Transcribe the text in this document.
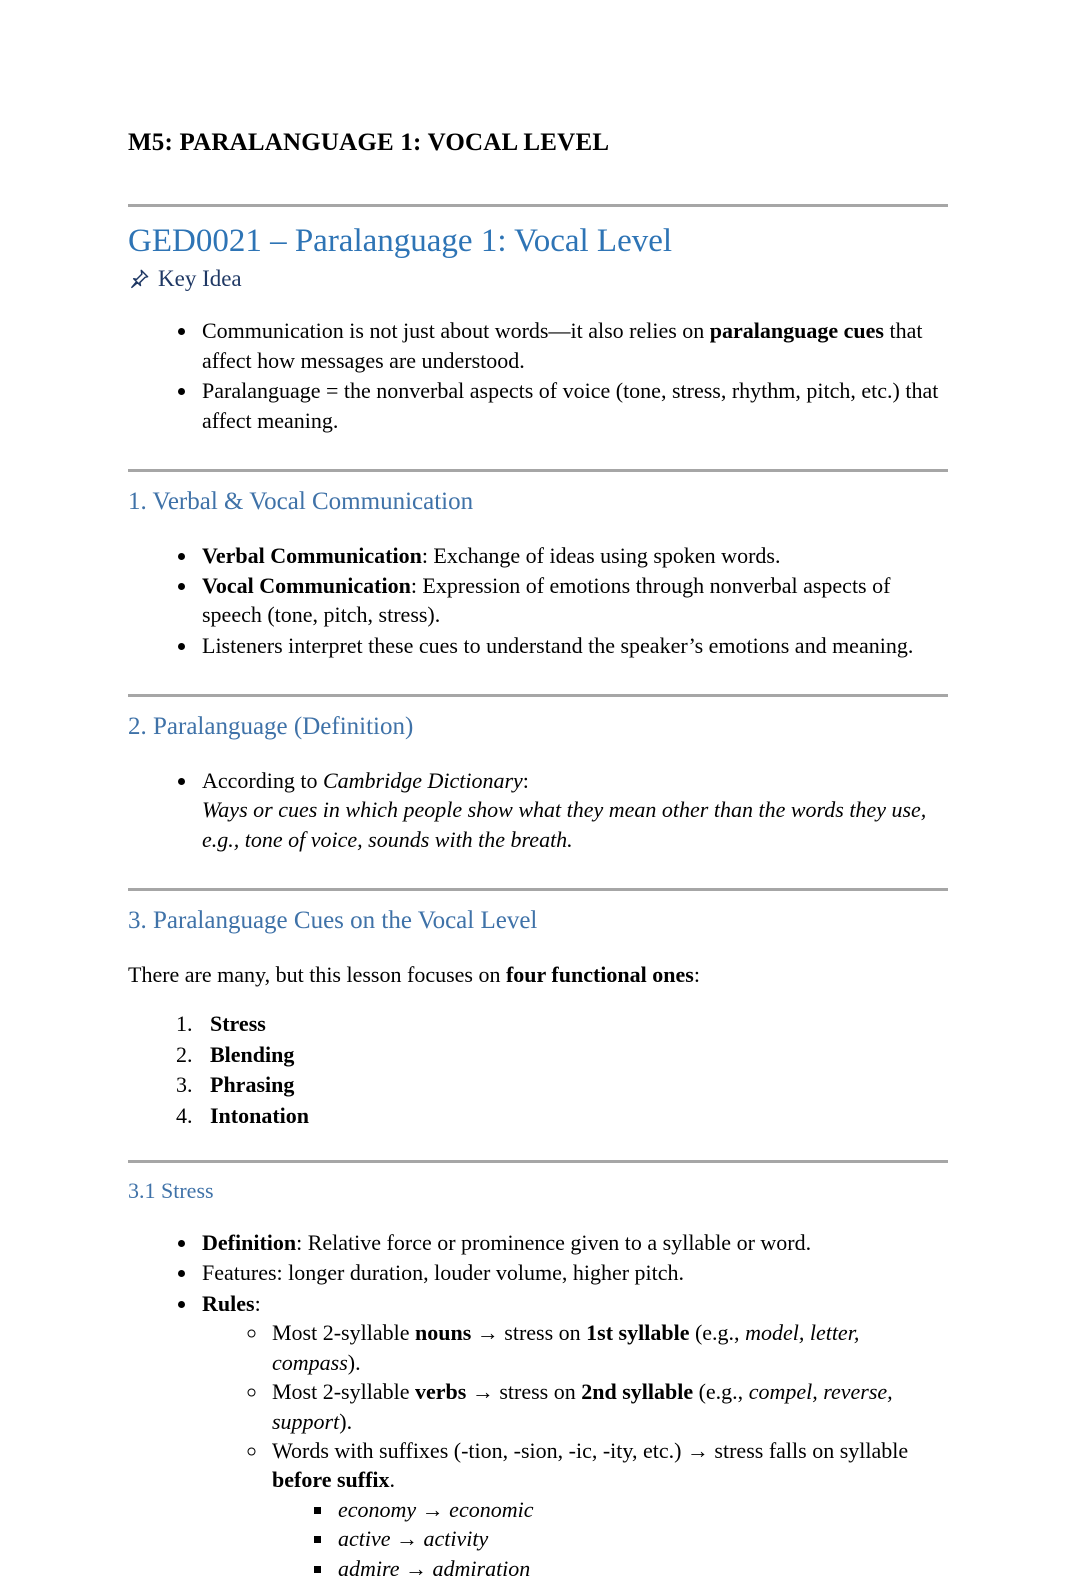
M5: PARALANGUAGE 1: VOCAL LEVEL
GED0021 – Paralanguage 1: Vocal Level
Key Idea
• Communication is not just about words—it also relies on paralanguage cues that affect how messages are understood.
• Paralanguage = the nonverbal aspects of voice (tone, stress, rhythm, pitch, etc.) that affect meaning.
1. Verbal & Vocal Communication
• Verbal Communication: Exchange of ideas using spoken words.
• Vocal Communication: Expression of emotions through nonverbal aspects of speech (tone, pitch, stress).
• Listeners interpret these cues to understand the speaker’s emotions and meaning.
2. Paralanguage (Definition)
• According to Cambridge Dictionary:
Ways or cues in which people show what they mean other than the words they use, e.g., tone of voice, sounds with the breath.
3. Paralanguage Cues on the Vocal Level

There are many, but this lesson focuses on four functional ones:

1. Stress
2. Blending
3. Phrasing
4. Intonation
3.1 Stress
• Definition: Relative force or prominence given to a syllable or word.
• Features: longer duration, louder volume, higher pitch.
• Rules:
◦ Most 2-syllable nouns → stress on 1st syllable (e.g., model, letter, compass).
◦ Most 2-syllable verbs → stress on 2nd syllable (e.g., compel, reverse, support).
◦ Words with suffixes (-tion, -sion, -ic, -ity, etc.) → stress falls on syllable before suffix.
▪ economy → economic
▪ active → activity
▪ admire → admiration
